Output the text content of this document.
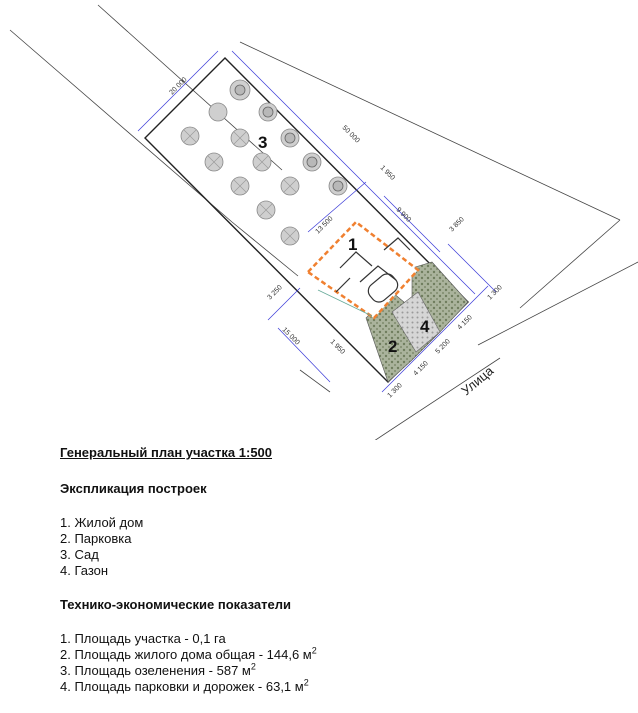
3
1
2
4
20 000
50 000
1 950
13 500
9 900
3 850
1 300
4 150
5 200
4 150
1 300
3 250
15 000
1 950
Улица
Генеральный план участка 1:500
Экспликация построек
1. Жилой дом
2. Парковка
3. Сад
4. Газон
Технико-экономические показатели
1. Площадь участка - 0,1 га
2. Площадь жилого дома общая - 144,6 $м^2$
3. Площадь озеленения - 587 $м^2$
4. Площадь парковки и дорожек - 63,1 $м^2$
